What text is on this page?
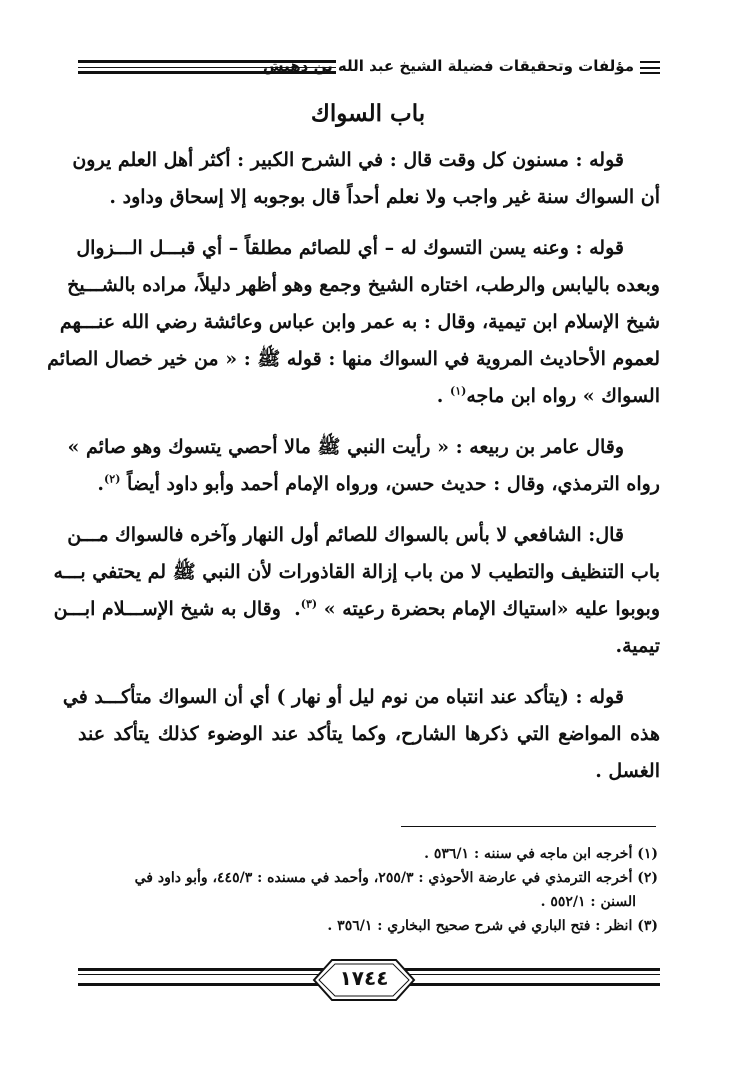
مؤلفات وتحقيقات فضيلة الشيخ عبد الله بن دهيش
باب السواك
قوله : مسنون كل وقت قال : في الشرح الكبير : أكثر أهل العلم يرون
أن السواك سنة غير واجب ولا نعلم أحداً قال بوجوبه إلا إسحاق وداود .
قوله : وعنه يسن التسوك له – أي للصائم مطلقاً – أي قبـــل الـــزوال
وبعده باليابس والرطب، اختاره الشيخ وجمع وهو أظهر دليلاً، مراده بالشـــيخ
شيخ الإسلام ابن تيمية، وقال : به عمر وابن عباس وعائشة رضي الله عنـــهم
لعموم الأحاديث المروية في السواك منها : قوله ﷺ : « من خير خصال الصائم
السواك » رواه ابن ماجه$^{(١)}$ .
وقال عامر بن ربيعه : « رأيت النبي ﷺ مالا أحصي يتسوك وهو صائم »
رواه الترمذي، وقال : حديث حسن، ورواه الإمام أحمد وأبو داود أيضاً $^{(٢)}$.
قال: الشافعي لا بأس بالسواك للصائم أول النهار وآخره فالسواك مـــن
باب التنظيف والتطيب لا من باب إزالة القاذورات لأن النبي ﷺ لم يحتفي بـــه
وبوبوا عليه «استياك الإمام بحضرة رعيته » $^{(٣)}$.  وقال به شيخ الإســـلام ابـــن
تيمية.
قوله : (يتأكد عند انتباه من نوم ليل أو نهار ) أي أن السواك متأكـــد في
هذه المواضع التي ذكرها الشارح، وكما يتأكد عند الوضوء كذلك يتأكد عند
الغسل .
(١) أخرجه ابن ماجه في سننه : ٥٣٦/١ .
(٢) أخرجه الترمذي في عارضة الأحوذي : ٢٥٥/٣، وأحمد في مسنده : ٤٤٥/٣، وأبو داود في
السنن : ٥٥٢/١ .
(٣) انظر : فتح الباري في شرح صحيح البخاري : ٣٥٦/١ .
١٧٤٤
